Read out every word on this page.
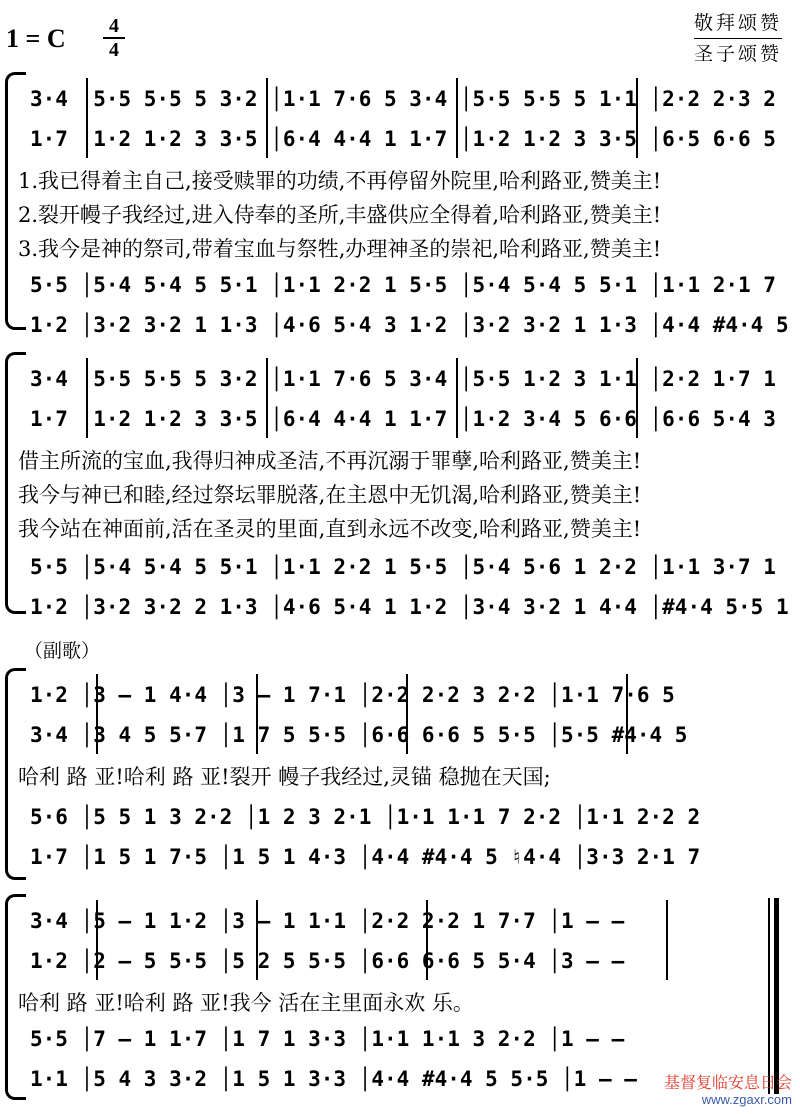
1 = C	4
4
敬拜颂赞
圣子颂赞
3·4 │5·5 5·5 5 3·2 │1·1 7·6 5 3·4 │5·5 5·5 5 1·1 │2·2 2·3 2
1·7 │1·2 1·2 3 3·5 │6·4 4·4 1 1·7 │1·2 1·2 3 3·5 │6·5 6·6 5
1.我已得着主自己,接受赎罪的功绩,不再停留外院里,哈利路亚,赞美主!
2.裂开幔子我经过,进入侍奉的圣所,丰盛供应全得着,哈利路亚,赞美主!
3.我今是神的祭司,带着宝血与祭牲,办理神圣的崇祀,哈利路亚,赞美主!
5·5 │5·4 5·4 5 5·1 │1·1 2·2 1 5·5 │5·4 5·4 5 5·1 │1·1 2·1 7
1·2 │3·2 3·2 1 1·3 │4·6 5·4 3 1·2 │3·2 3·2 1 1·3 │4·4 #4·4 5
3·4 │5·5 5·5 5 3·2 │1·1 7·6 5 3·4 │5·5 1·2 3 1·1 │2·2 1·7 1
1·7 │1·2 1·2 3 3·5 │6·4 4·4 1 1·7 │1·2 3·4 5 6·6 │6·6 5·4 3
借主所流的宝血,我得归神成圣洁,不再沉溺于罪孽,哈利路亚,赞美主!
我今与神已和睦,经过祭坛罪脱落,在主恩中无饥渴,哈利路亚,赞美主!
我今站在神面前,活在圣灵的里面,直到永远不改变,哈利路亚,赞美主!
5·5 │5·4 5·4 5 5·1 │1·1 2·2 1 5·5 │5·4 5·6 1 2·2 │1·1 3·7 1
1·2 │3·2 3·2 2 1·3 │4·6 5·4 1 1·2 │3·4 3·2 1 4·4 │#4·4 5·5 1
（副歌）
1·2 │3 – 1 4·4 │3 – 1 7·1 │2·2 2·2 3 2·2 │1·1 7·6 5
3·4 │3 4 5 5·7 │1 7 5 5·5 │6·6 6·6 5 5·5 │5·5 #4·4 5
哈利 路 亚!哈利 路 亚!裂开 幔子我经过,灵锚 稳抛在天国;
5·6 │5 5 1 3 2·2 │1 2 3 2·1 │1·1 1·1 7 2·2 │1·1 2·2 2
1·7 │1 5 1 7·5 │1 5 1 4·3 │4·4 #4·4 5 ♮4·4 │3·3 2·1 7
3·4 │5 – 1 1·2 │3 – 1 1·1 │2·2 2·2 1 7·7 │1 – –
1·2 │2 – 5 5·5 │5 2 5 5·5 │6·6 6·6 5 5·4 │3 – –
哈利 路 亚!哈利 路 亚!我今 活在主里面永欢 乐。
5·5 │7 – 1 1·7 │1 7 1 3·3 │1·1 1·1 3 2·2 │1 – –
1·1 │5 4 3 3·2 │1 5 1 3·3 │4·4 #4·4 5 5·5 │1 – –	基督复临安息日会
www.zgaxr.com
